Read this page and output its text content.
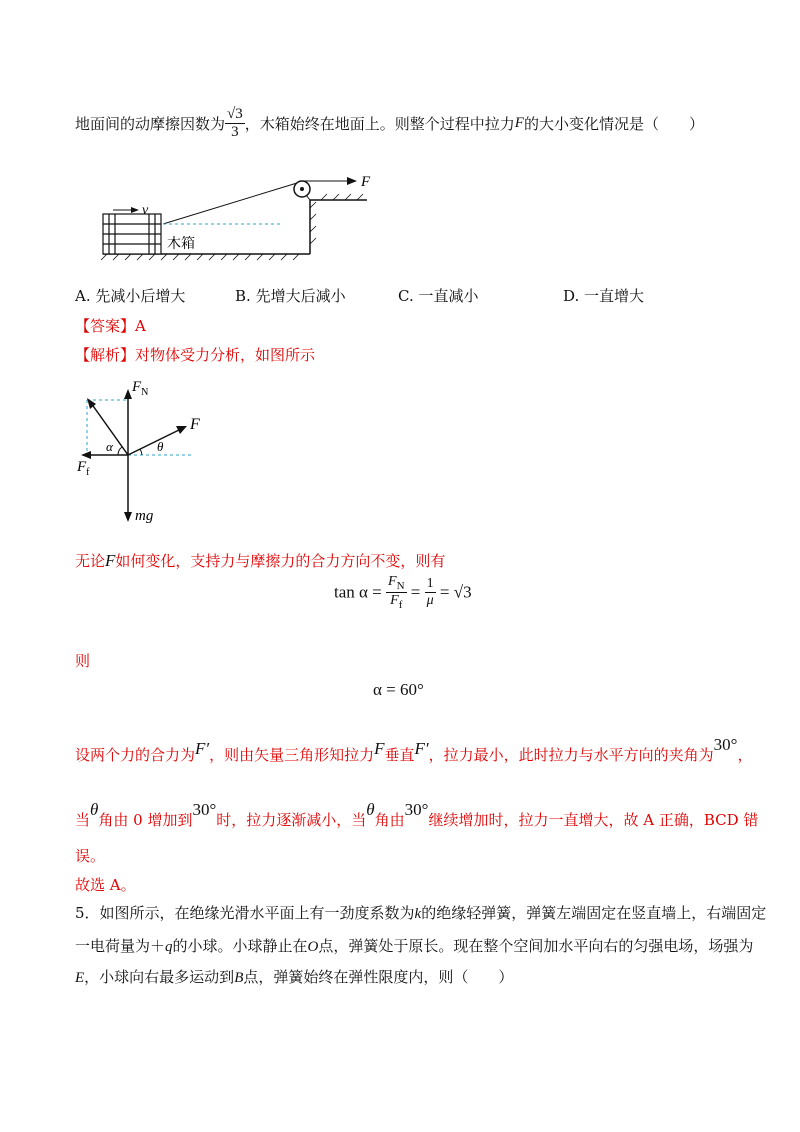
地面间的动摩擦因数为 $\frac{√3}{3}$ ，木箱始终在地面上。则整个过程中拉力F的大小变化情况是（　　）
F
v
木箱
A. 先减小后增大	B. 先增大后减小	C. 一直减小	D. 一直增大
【答案】A
【解析】对物体受力分析，如图所示
$F_N$
F
$F_f$
mg
α	θ
无论F如何变化，支持力与摩擦力的合力方向不变，则有
$\tan \alpha = \frac{F_N}{F_f} = \frac{1}{\mu} = √3$
则
α = 60°
设两个力的合力为F′，则由矢量三角形知拉力F垂直F′，拉力最小，此时拉力与水平方向的夹角为30°，
当θ角由 0 增加到30°时，拉力逐渐减小，当θ角由30°继续增加时，拉力一直增大，故 A 正确，BCD 错
误。
故选 A。
5．如图所示，在绝缘光滑水平面上有一劲度系数为k的绝缘轻弹簧，弹簧左端固定在竖直墙上，右端固定
一电荷量为＋q的小球。小球静止在O点，弹簧处于原长。现在整个空间加水平向右的匀强电场，场强为
E，小球向右最多运动到B点，弹簧始终在弹性限度内，则（　　）
